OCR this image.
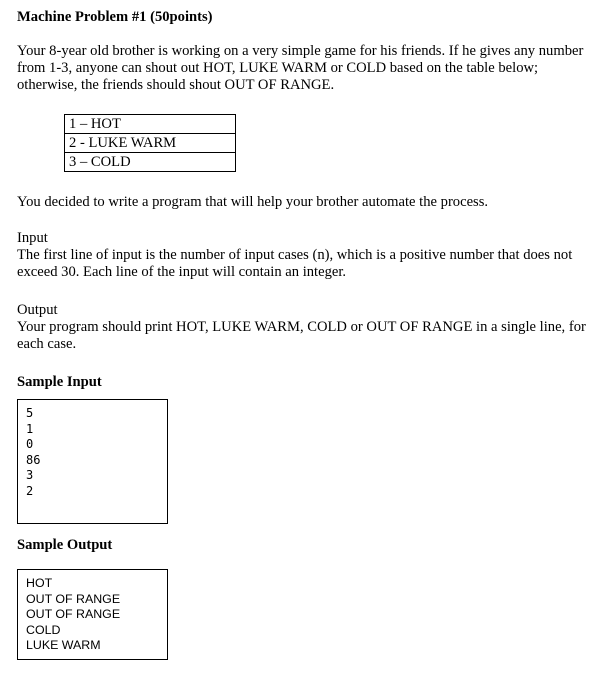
Machine Problem #1 (50points)

Your 8-year old brother is working on a very simple game for his friends. If he gives any number from 1-3, anyone can shout out HOT, LUKE WARM or COLD based on the table below; otherwise, the friends should shout OUT OF RANGE.

1 – HOT
2 - LUKE WARM
3 – COLD

You decided to write a program that will help your brother automate the process.

Input
The first line of input is the number of input cases (n), which is a positive number that does not exceed 30. Each line of the input will contain an integer.
Output
Your program should print HOT, LUKE WARM, COLD or OUT OF RANGE in a single line, for each case.

Sample Input

5
1
0
86
3
2

Sample Output

HOT
OUT OF RANGE
OUT OF RANGE
COLD
LUKE WARM
